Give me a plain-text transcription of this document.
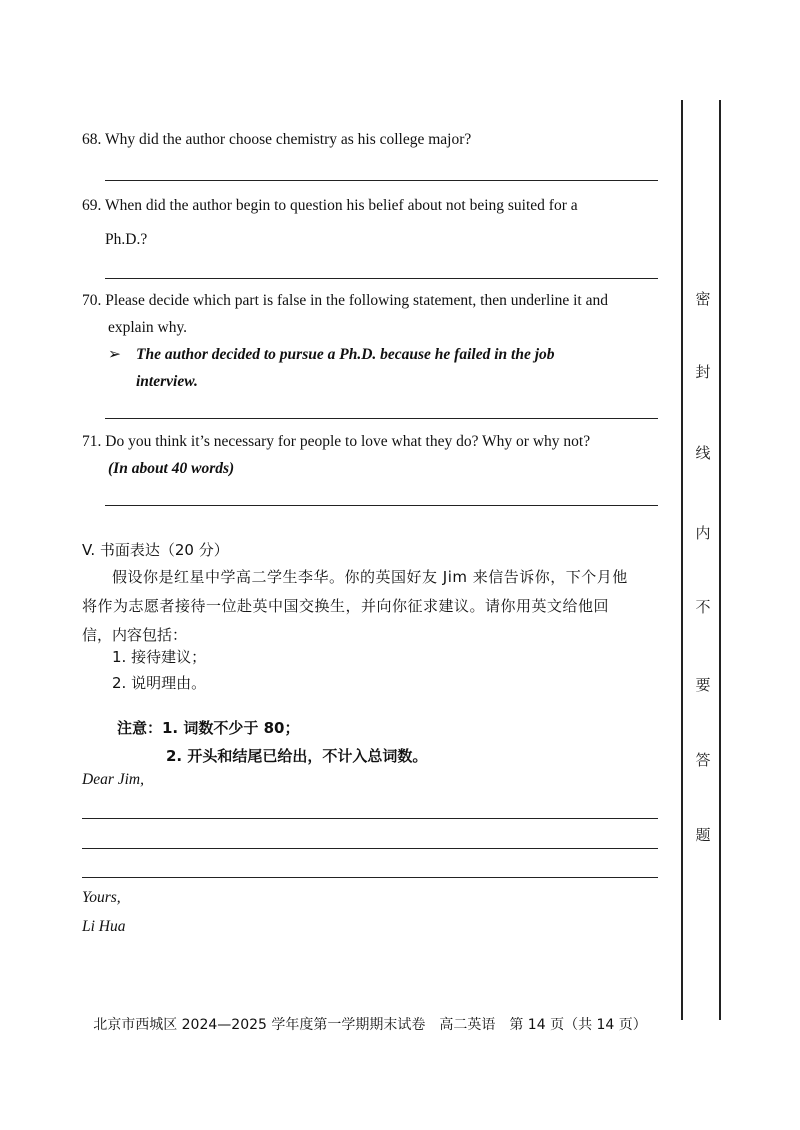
68. Why did the author choose chemistry as his college major?
69. When did the author begin to question his belief about not being suited for a
Ph.D.?
70. Please decide which part is false in the following statement, then underline it and
explain why.
➢ The author decided to pursue a Ph.D. because he failed in the job
interview.
71. Do you think it’s necessary for people to love what they do? Why or why not?
(In about 40 words)
V. 书面表达（20 分）
假设你是红星中学高二学生李华。你的英国好友 Jim 来信告诉你，下个月他
将作为志愿者接待一位赴英中国交换生，并向你征求建议。请你用英文给他回
信，内容包括：
1. 接待建议；
2. 说明理由。
注意：1. 词数不少于 80；
2. 开头和结尾已给出，不计入总词数。
Dear Jim,
Yours,
Li Hua
密
封
线
内
不
要
答
题
北京市西城区 2024—2025 学年度第一学期期末试卷　高二英语　第 14 页（共 14 页）
